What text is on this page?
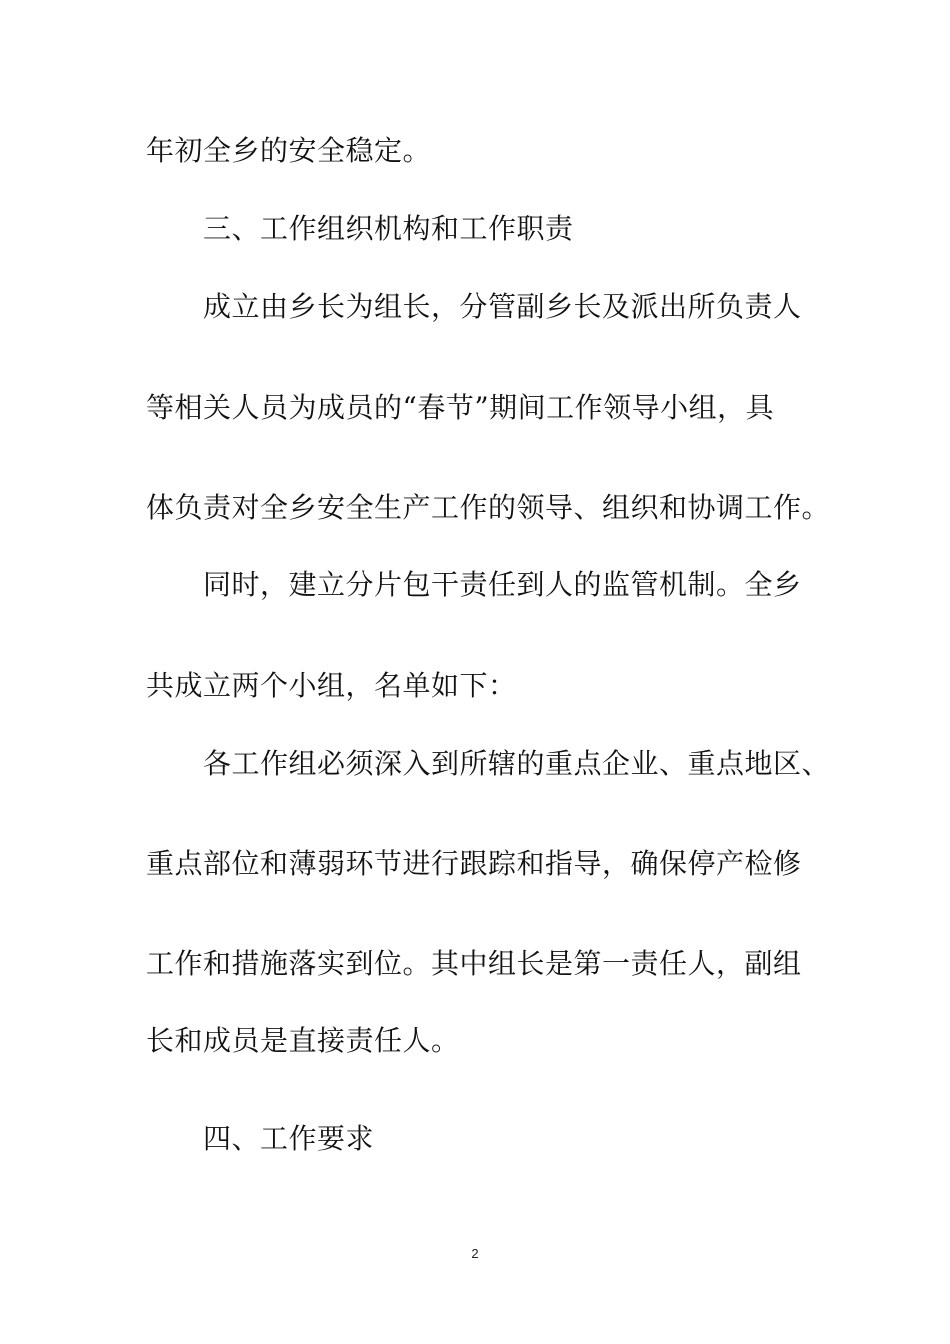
年初全乡的安全稳定。
三、工作组织机构和工作职责
成立由乡长为组长，分管副乡长及派出所负责人
等相关人员为成员的“春节”期间工作领导小组，具
体负责对全乡安全生产工作的领导、组织和协调工作。
同时，建立分片包干责任到人的监管机制。全乡
共成立两个小组，名单如下：
各工作组必须深入到所辖的重点企业、重点地区、
重点部位和薄弱环节进行跟踪和指导，确保停产检修
工作和措施落实到位。其中组长是第一责任人，副组
长和成员是直接责任人。
四、工作要求
2
